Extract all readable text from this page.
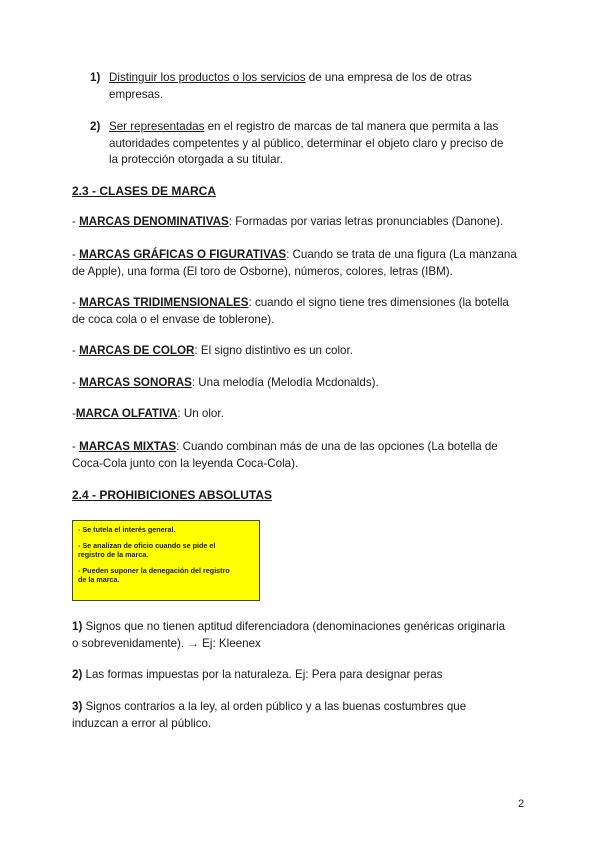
1) Distinguir los productos o los servicios de una empresa de los de otras
empresas.
2) Ser representadas en el registro de marcas de tal manera que permita a las
autoridades competentes y al público, determinar el objeto claro y preciso de
la protección otorgada a su titular.
2.3 - CLASES DE MARCA
- MARCAS DENOMINATIVAS: Formadas por varias letras pronunciables (Danone).
- MARCAS GRÁFICAS O FIGURATIVAS: Cuando se trata de una figura (La manzana
de Apple), una forma (El toro de Osborne), números, colores, letras (IBM).
- MARCAS TRIDIMENSIONALES: cuando el signo tiene tres dimensiones (la botella
de coca cola o el envase de toblerone).
- MARCAS DE COLOR: El signo distintivo es un color.
- MARCAS SONORAS: Una melodía (Melodía Mcdonalds).
-MARCA OLFATIVA: Un olor.
- MARCAS MIXTAS: Cuando combinan más de una de las opciones (La botella de
Coca-Cola junto con la leyenda Coca-Cola).
2.4 - PROHIBICIONES ABSOLUTAS
- Se tutela el interés general.
- Se analizan de oficio cuando se pide el
registro de la marca.
- Pueden suponer la denegación del registro
de la marca.
1) Signos que no tienen aptitud diferenciadora (denominaciones genéricas originaria
o sobrevenidamente). → Ej: Kleenex
2) Las formas impuestas por la naturaleza. Ej: Pera para designar peras
3) Signos contrarios a la ley, al orden público y a las buenas costumbres que
induzcan a error al público.
2
